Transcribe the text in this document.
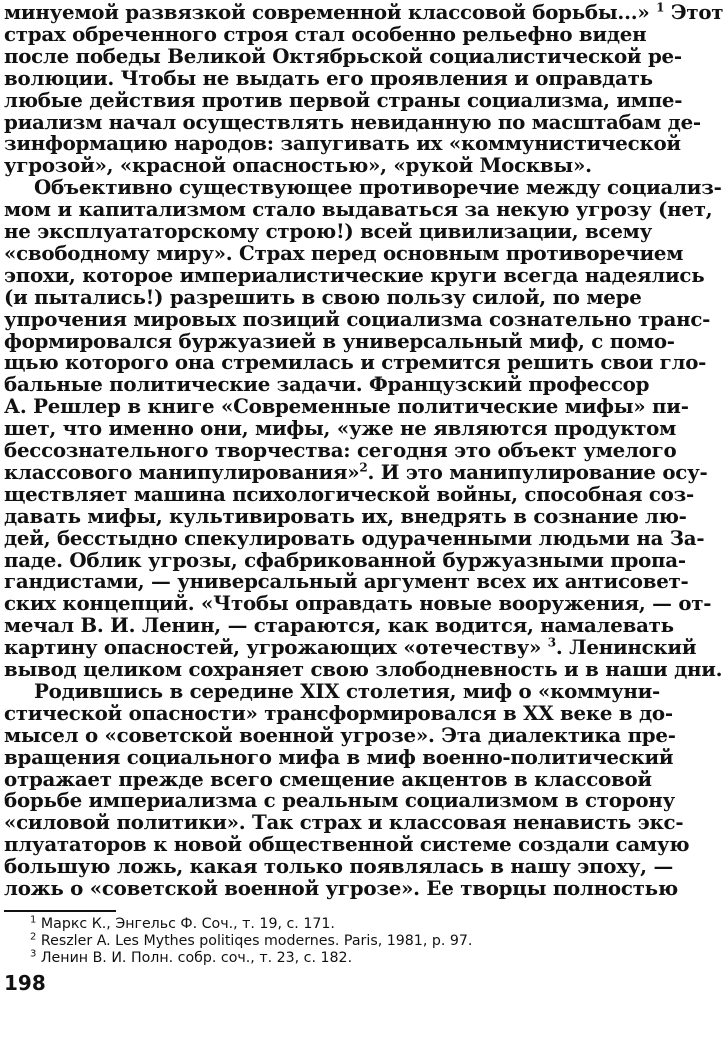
минуемой развязкой современной классовой борьбы...» $^1$ Этот
страх обреченного строя стал особенно рельефно виден
после победы Великой Октябрьской социалистической ре-
волюции. Чтобы не выдать его проявления и оправдать
любые действия против первой страны социализма, импе-
риализм начал осуществлять невиданную по масштабам де-
зинформацию народов: запугивать их «коммунистической
угрозой», «красной опасностью», «рукой Москвы».
Объективно существующее противоречие между социализ-
мом и капитализмом стало выдаваться за некую угрозу (нет,
не эксплуататорскому строю!) всей цивилизации, всему
«свободному миру». Страх перед основным противоречием
эпохи, которое империалистические круги всегда надеялись
(и пытались!) разрешить в свою пользу силой, по мере
упрочения мировых позиций социализма сознательно транс-
формировался буржуазией в универсальный миф, с помо-
щью которого она стремилась и стремится решить свои гло-
бальные политические задачи. Французский профессор
А. Решлер в книге «Современные политические мифы» пи-
шет, что именно они, мифы, «уже не являются продуктом
бессознательного творчества: сегодня это объект умелого
классового манипулирования»$^2$. И это манипулирование осу-
ществляет машина психологической войны, способная соз-
давать мифы, культивировать их, внедрять в сознание лю-
дей, бесстыдно спекулировать одураченными людьми на За-
паде. Облик угрозы, сфабрикованной буржуазными пропа-
гандистами, — универсальный аргумент всех их антисовет-
ских концепций. «Чтобы оправдать новые вооружения, — от-
мечал В. И. Ленин, — стараются, как водится, намалевать
картину опасностей, угрожающих «отечеству» $^3$. Ленинский
вывод целиком сохраняет свою злободневность и в наши дни.
Родившись в середине XIX столетия, миф о «коммуни-
стической опасности» трансформировался в XX веке в до-
мысел о «советской военной угрозе». Эта диалектика пре-
вращения социального мифа в миф военно-политический
отражает прежде всего смещение акцентов в классовой
борьбе империализма с реальным социализмом в сторону
«силовой политики». Так страх и классовая ненависть экс-
плуататоров к новой общественной системе создали самую
большую ложь, какая только появлялась в нашу эпоху, —
ложь о «советской военной угрозе». Ее творцы полностью
$^1$ Маркс К., Энгельс Ф. Соч., т. 19, с. 171.
$^2$ Reszler A. Les Mythes politiqes modernes. Paris, 1981, p. 97.
$^3$ Ленин В. И. Полн. собр. соч., т. 23, с. 182.
198
